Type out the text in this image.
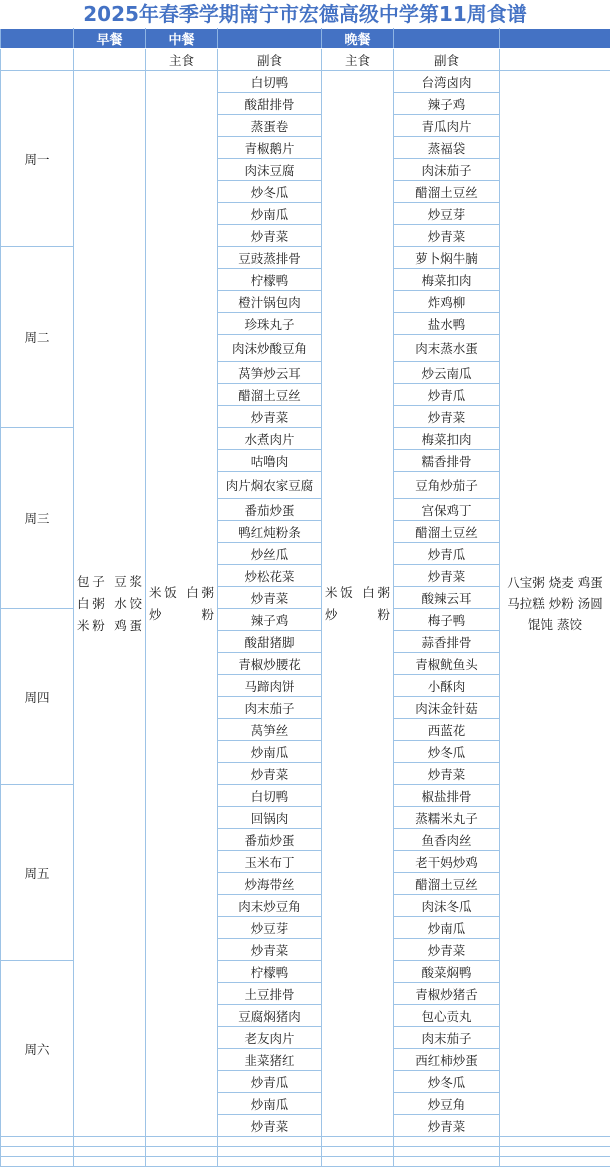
2025年春季学期南宁市宏德高级中学第11周食谱
	早餐	中餐		晚餐		
		主食	副食	主食	副食	
周一	包子 豆浆 白粥 水饺 米粉 鸡蛋	米饭 白粥 炒粉	白切鸭	米饭 白粥 炒粉	台湾卤肉	八宝粥 烧麦 鸡蛋 马拉糕 炒粉 汤圆 馄饨 蒸饺
			酸甜排骨		辣子鸡	
			蒸蛋卷		青瓜肉片	
			青椒鹅片		蒸福袋	
			肉沫豆腐		肉沫茄子	
			炒冬瓜		醋溜土豆丝	
			炒南瓜		炒豆芽	
			炒青菜		炒青菜	
周二			豆豉蒸排骨		萝卜焖牛腩	
			柠檬鸭		梅菜扣肉	
			橙汁锅包肉		炸鸡柳	
			珍珠丸子		盐水鸭	
			肉沫炒酸豆角		肉末蒸水蛋	
			莴笋炒云耳		炒云南瓜	
			醋溜土豆丝		炒青瓜	
			炒青菜		炒青菜	
周三			水煮肉片		梅菜扣肉	
			咕噜肉		糯香排骨	
			肉片焖农家豆腐		豆角炒茄子	
			番茄炒蛋		宫保鸡丁	
			鸭红炖粉条		醋溜土豆丝	
			炒丝瓜		炒青瓜	
			炒松花菜		炒青菜	
			炒青菜		酸辣云耳	
周四			辣子鸡		梅子鸭	
			酸甜猪脚		蒜香排骨	
			青椒炒腰花		青椒鱿鱼头	
			马蹄肉饼		小酥肉	
			肉末茄子		肉沫金针菇	
			莴笋丝		西蓝花	
			炒南瓜		炒冬瓜	
			炒青菜		炒青菜	
周五			白切鸭		椒盐排骨	
			回锅肉		蒸糯米丸子	
			番茄炒蛋		鱼香肉丝	
			玉米布丁		老干妈炒鸡	
			炒海带丝		醋溜土豆丝	
			肉末炒豆角		肉沫冬瓜	
			炒豆芽		炒南瓜	
			炒青菜		炒青菜	
周六			柠檬鸭		酸菜焖鸭	
			土豆排骨		青椒炒猪舌	
			豆腐焖猪肉		包心贡丸	
			老友肉片		肉末茄子	
			韭菜猪红		西红柿炒蛋	
			炒青瓜		炒冬瓜	
			炒南瓜		炒豆角	
			炒青菜		炒青菜	
